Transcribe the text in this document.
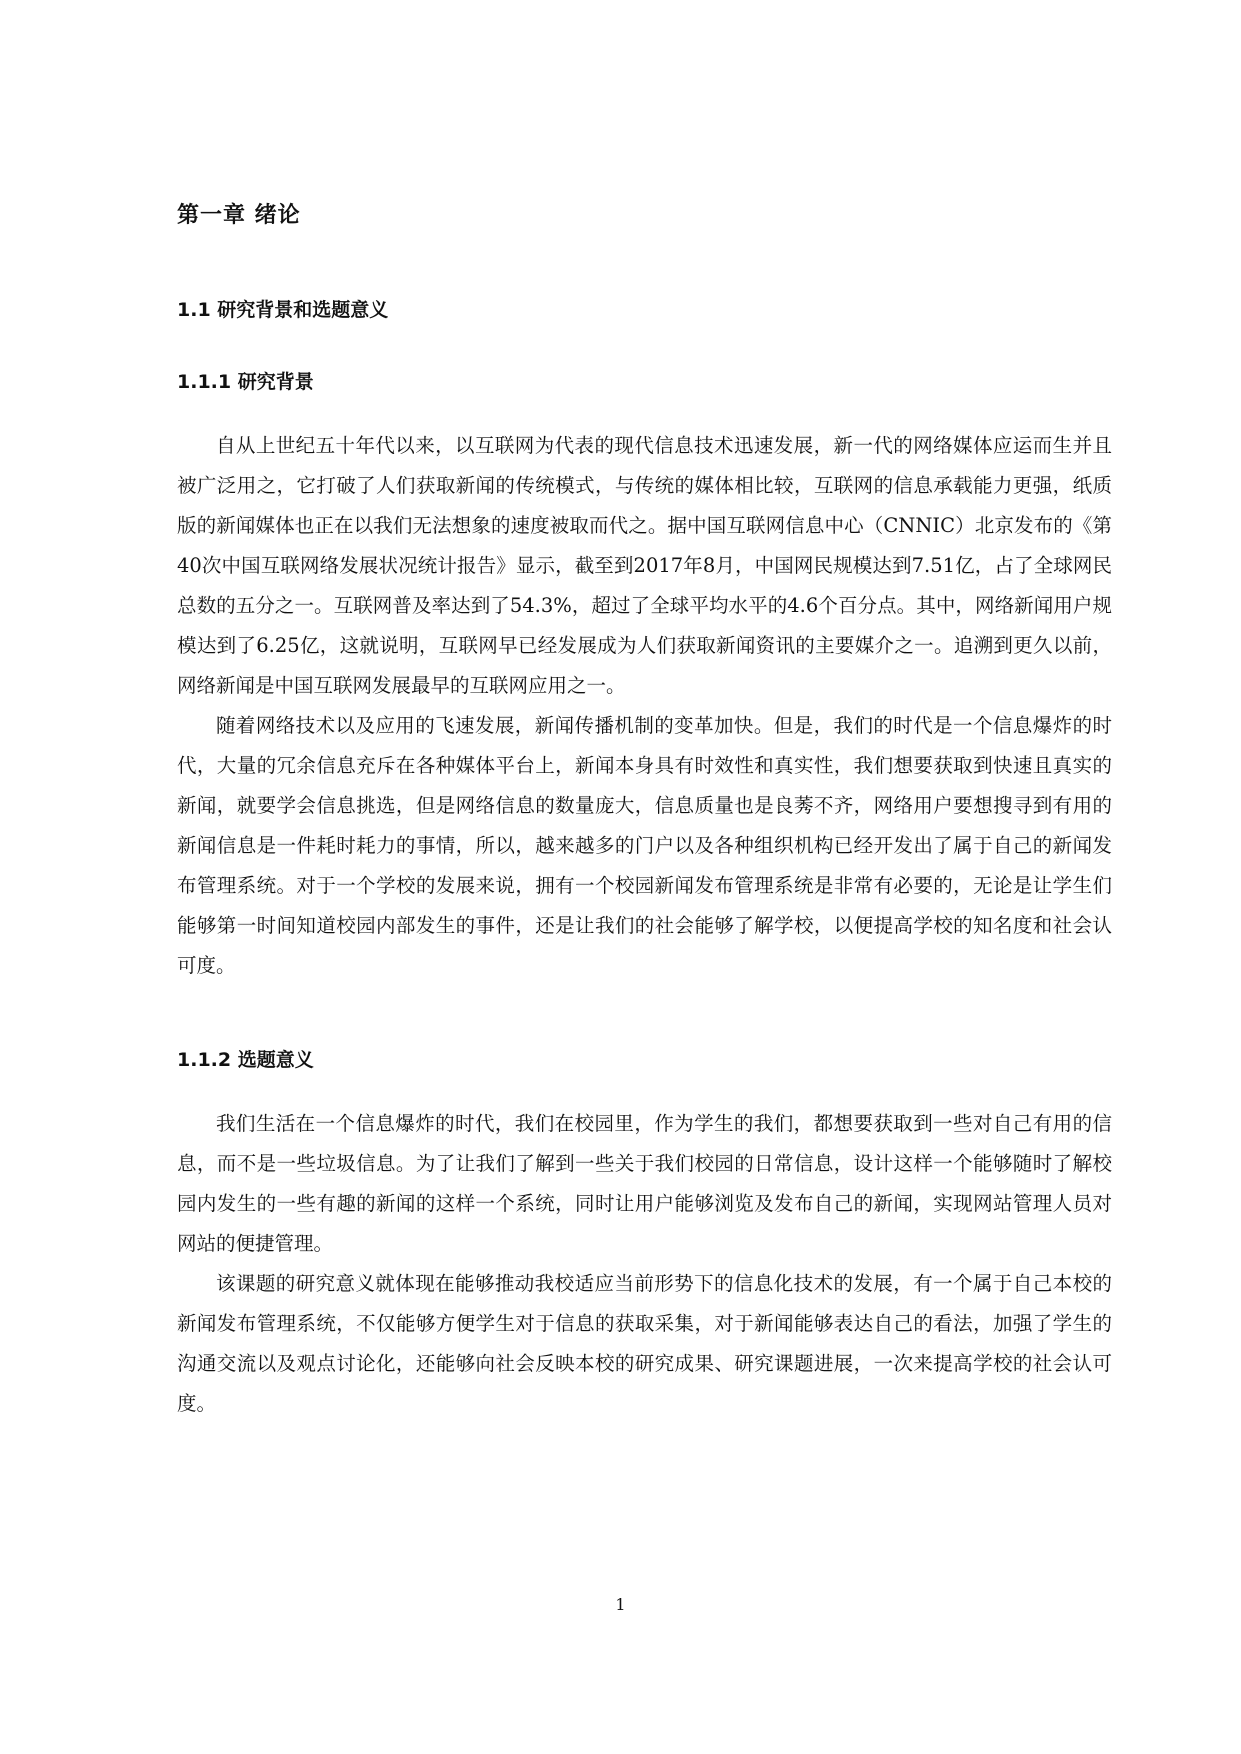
第一章 绪论
1.1 研究背景和选题意义
1.1.1 研究背景

自从上世纪五十年代以来，以互联网为代表的现代信息技术迅速发展，新一代的网络媒体应运而生并且被广泛用之，它打破了人们获取新闻的传统模式，与传统的媒体相比较，互联网的信息承载能力更强，纸质版的新闻媒体也正在以我们无法想象的速度被取而代之。据中国互联网信息中心（CNNIC）北京发布的《第40次中国互联网络发展状况统计报告》显示，截至到2017年8月，中国网民规模达到7.51亿，占了全球网民总数的五分之一。互联网普及率达到了54.3%，超过了全球平均水平的4.6个百分点。其中，网络新闻用户规模达到了6.25亿，这就说明，互联网早已经发展成为人们获取新闻资讯的主要媒介之一。追溯到更久以前，网络新闻是中国互联网发展最早的互联网应用之一。

随着网络技术以及应用的飞速发展，新闻传播机制的变革加快。但是，我们的时代是一个信息爆炸的时代，大量的冗余信息充斥在各种媒体平台上，新闻本身具有时效性和真实性，我们想要获取到快速且真实的新闻，就要学会信息挑选，但是网络信息的数量庞大，信息质量也是良莠不齐，网络用户要想搜寻到有用的新闻信息是一件耗时耗力的事情，所以，越来越多的门户以及各种组织机构已经开发出了属于自己的新闻发布管理系统。对于一个学校的发展来说，拥有一个校园新闻发布管理系统是非常有必要的，无论是让学生们能够第一时间知道校园内部发生的事件，还是让我们的社会能够了解学校，以便提高学校的知名度和社会认可度。

1.1.2 选题意义

我们生活在一个信息爆炸的时代，我们在校园里，作为学生的我们，都想要获取到一些对自己有用的信息，而不是一些垃圾信息。为了让我们了解到一些关于我们校园的日常信息，设计这样一个能够随时了解校园内发生的一些有趣的新闻的这样一个系统，同时让用户能够浏览及发布自己的新闻，实现网站管理人员对网站的便捷管理。

该课题的研究意义就体现在能够推动我校适应当前形势下的信息化技术的发展，有一个属于自己本校的新闻发布管理系统，不仅能够方便学生对于信息的获取采集，对于新闻能够表达自己的看法，加强了学生的沟通交流以及观点讨论化，还能够向社会反映本校的研究成果、研究课题进展，一次来提高学校的社会认可度。

1
